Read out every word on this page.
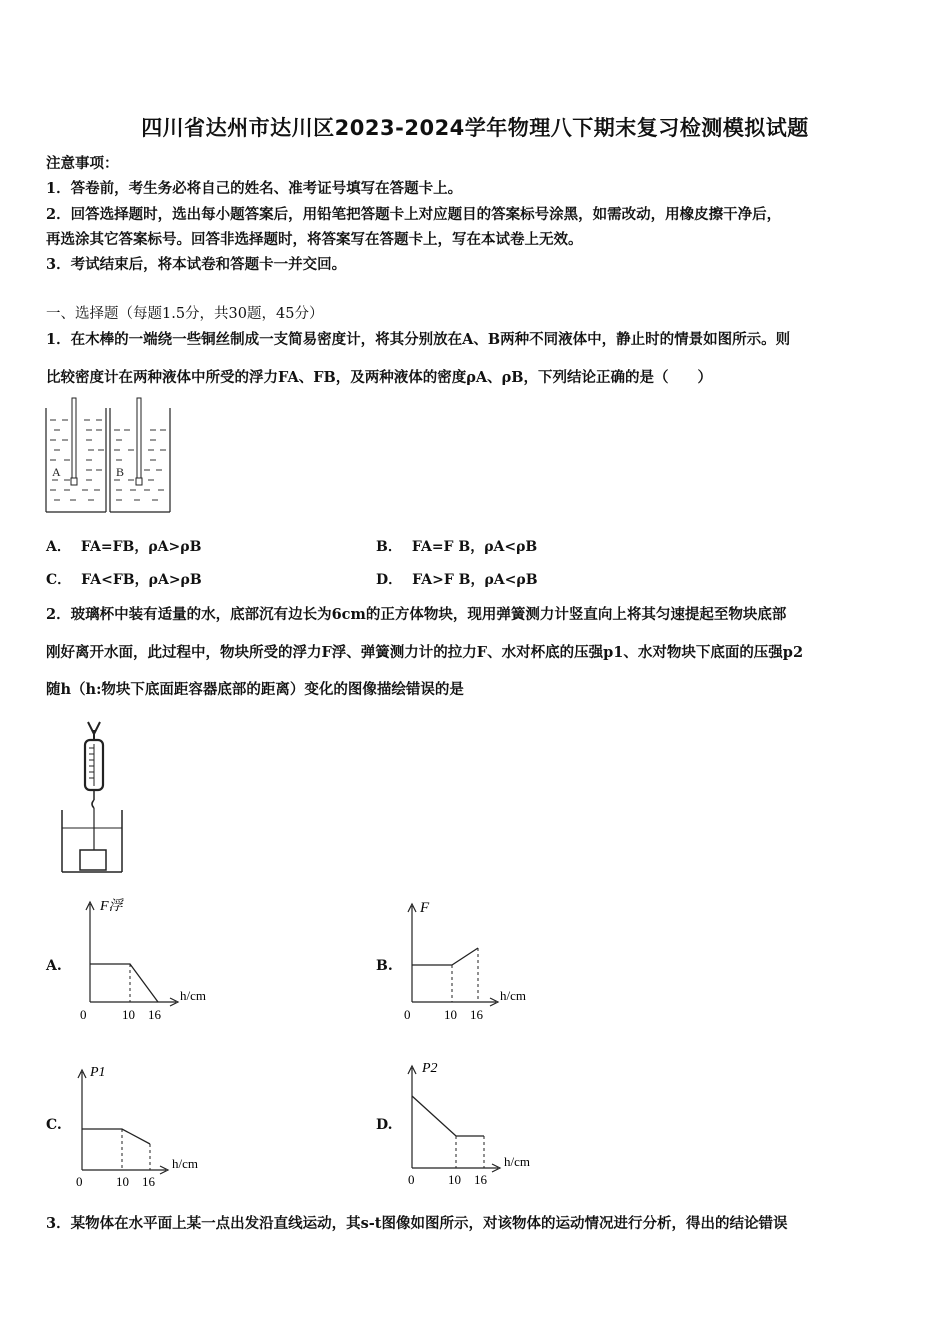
四川省达州市达川区2023-2024学年物理八下期末复习检测模拟试题
注意事项：
1．答卷前，考生务必将自己的姓名、准考证号填写在答题卡上。
2．回答选择题时，选出每小题答案后，用铅笔把答题卡上对应题目的答案标号涂黑，如需改动，用橡皮擦干净后，
再选涂其它答案标号。回答非选择题时，将答案写在答题卡上，写在本试卷上无效。
3．考试结束后，将本试卷和答题卡一并交回。
一、选择题（每题1.5分，共30题，45分）
1．在木棒的一端绕一些铜丝制成一支简易密度计，将其分别放在A、B两种不同液体中，静止时的情景如图所示。则
比较密度计在两种液体中所受的浮力FA、FB，及两种液体的密度ρA、ρB，下列结论正确的是（　　）
A	B
A． FA=FB，ρA>ρB	B． FA=F B，ρA<ρB
C． FA<FB，ρA>ρB	D． FA>F B，ρA<ρB
2．玻璃杯中装有适量的水，底部沉有边长为6cm的正方体物块，现用弹簧测力计竖直向上将其匀速提起至物块底部
刚好离开水面，此过程中，物块所受的浮力F浮、弹簧测力计的拉力F、水对杯底的压强p1、水对物块下底面的压强p2
随h（h:物块下底面距容器底部的距离）变化的图像描绘错误的是
A.
F浮
h/cm
0	10 16
B.
F
h/cm
0	10 16
C.
P1
h/cm
0	10 16
D.
P2
h/cm
0	10 16
3．某物体在水平面上某一点出发沿直线运动，其s-t图像如图所示，对该物体的运动情况进行分析，得出的结论错误
